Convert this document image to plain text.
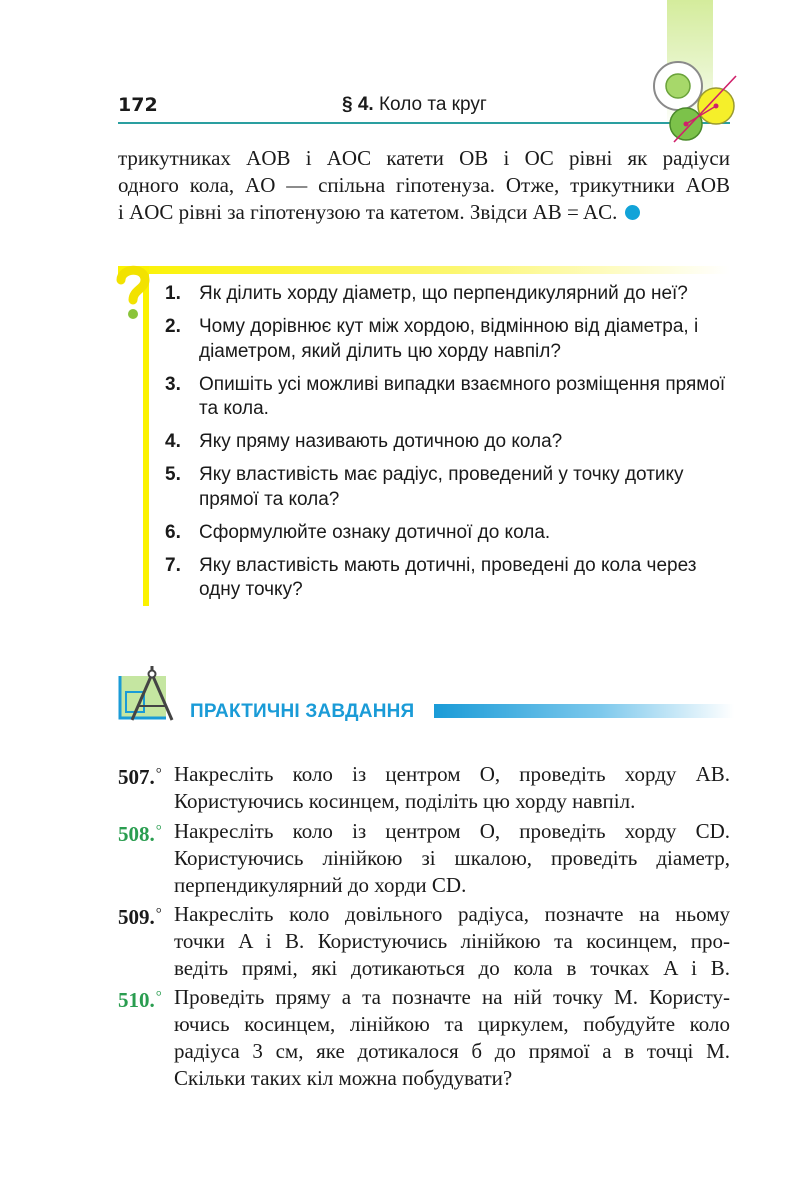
172	§ 4. Коло та круг
трикутниках AOB і AOC катети OB і OC рівні як радіуси
одного кола, AO — спільна гіпотенуза. Отже, трикутники AOB
і AOC рівні за гіпотенузою та катетом. Звідси AB = AC.
1. Як ділить хорду діаметр, що перпендикулярний до неї?
2. Чому дорівнює кут між хордою, відмінною від діаметра, і діаметром, який ділить цю хорду навпіл?
3. Опишіть усі можливі випадки взаємного розміщення прямої та кола.
4. Яку пряму називають дотичною до кола?
5. Яку властивість має радіус, проведений у точку дотику прямої та кола?
6. Сформулюйте ознаку дотичної до кола.
7. Яку властивість мають дотичні, проведені до кола через одну точку?
ПРАКТИЧНІ ЗАВДАННЯ
507.° Накресліть коло із центром O, проведіть хорду AB.
Користуючись косинцем, поділіть цю хорду навпіл.
508.° Накресліть коло із центром O, проведіть хорду CD.
Користуючись лінійкою зі шкалою, проведіть діаметр,
перпендикулярний до хорди CD.
509.° Накресліть коло довільного радіуса, позначте на ньому
точки A і B. Користуючись лінійкою та косинцем, про-
ведіть прямі, які дотикаються до кола в точках A і B.
510.° Проведіть пряму a та позначте на ній точку M. Користу-
ючись косинцем, лінійкою та циркулем, побудуйте коло
радіуса 3 см, яке дотикалося б до прямої a в точці M.
Скільки таких кіл можна побудувати?
